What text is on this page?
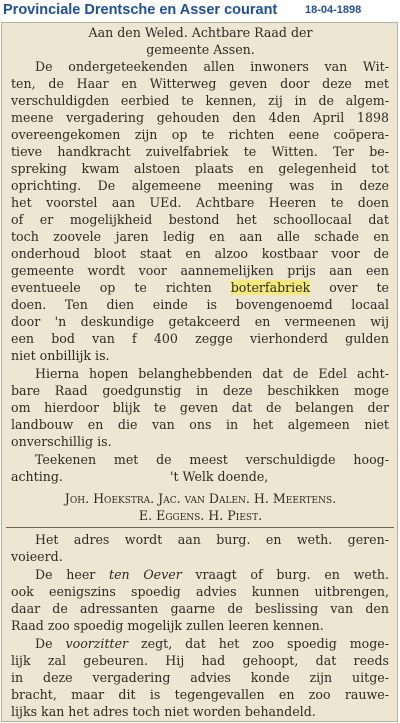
Provinciale Drentsche en Asser courant	18-04-1898
Aan den Weled. Achtbare Raad der
gemeente Assen.
De ondergeteekenden allen inwoners van Wit-
ten, de Haar en Witterweg geven door deze met
verschuldigden eerbied te kennen, zij in de algem-
meene vergadering gehouden den 4den April 1898
overeengekomen zijn op te richten eene coöpera-
tieve handkracht zuivelfabriek te Witten. Ter be-
spreking kwam alstoen plaats en gelegenheid tot
oprichting. De algemeene meening was in deze
het voorstel aan UEd. Achtbare Heeren te doen
of er mogelijkheid bestond het schoollocaal dat
toch zoovele jaren ledig en aan alle schade en
onderhoud bloot staat en alzoo kostbaar voor de
gemeente wordt voor aannemelijken prijs aan een
eventueele op te richten boterfabriek over te
doen. Ten dien einde is bovengenoemd locaal
door 'n deskundige getakceerd en vermeenen wij
een bod van f 400 zegge vierhonderd gulden
niet onbillijk is.
Hierna hopen belanghebbenden dat de Edel acht-
bare Raad goedgunstig in deze beschikken moge
om hierdoor blijk te geven dat de belangen der
landbouw en die van ons in het algemeen niet
onverschillig is.
Teekenen met de meest verschuldigde hoog-
achting.	't Welk doende,
Joh. Hoekstra. Jac. van Dalen. H. Meertens.
E. Eggens. H. Piest.
Het adres wordt aan burg. en weth. geren-
voieerd.
De heer ten Oever vraagt of burg. en weth.
ook eenigszins spoedig advies kunnen uitbrengen,
daar de adressanten gaarne de beslissing van den
Raad zoo spoedig mogelijk zullen leeren kennen.
De voorzitter zegt, dat het zoo spoedig moge-
lijk zal gebeuren. Hij had gehoopt, dat reeds
in deze vergadering advies konde zijn uitge-
bracht, maar dit is tegengevallen en zoo rauwe-
lijks kan het adres toch niet worden behandeld.
